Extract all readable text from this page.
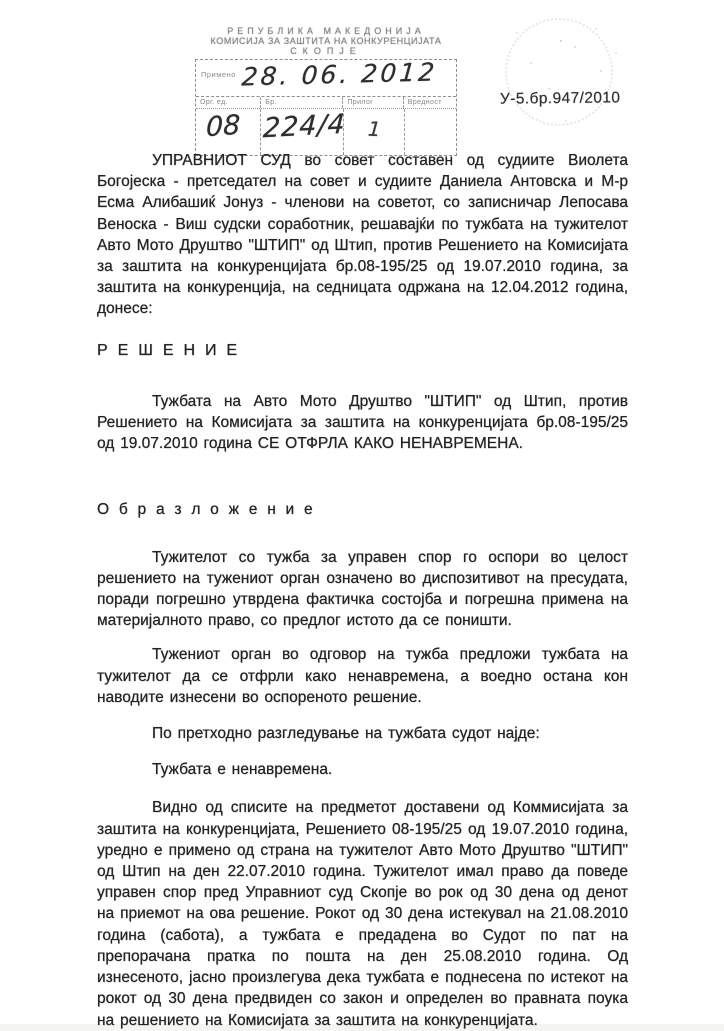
РЕПУБЛИКА МАКЕДОНИЈА
КОМИСИЈА ЗА ЗАШТИТА НА КОНКУРЕНЦИЈАТА
СКОПЈЕ
Примено 28. 06. 2012
Орг. ед.	Бр.	Прилог	Вредност
08 224/4 1
У-5.бр.947/2010

УПРАВНИОТ СУД во совет составен од судиите Виолета Богојеска - претседател на совет и судиите Даниела Антовска и М-р Есма Алибашиќ Јонуз - членови на советот, со записничар Лепосава Веноска - Виш судски соработник, решавајќи по тужбата на тужителот Авто Мото Друштво "ШТИП" од Штип, против Решението на Комисијата за заштита на конкуренцијата бр.08-195/25 од 19.07.2010 година, за заштита на конкуренција, на седницата одржана на 12.04.2012 година, донесе:

Р Е Ш Е Н И Е

Тужбата на Авто Мото Друштво "ШТИП" од Штип, против Решението на Комисијата за заштита на конкуренцијата бр.08-195/25 од 19.07.2010 година СЕ ОТФРЛА КАКО НЕНАВРЕМЕНА.

О б р а з л о ж е н и е

Тужителот со тужба за управен спор го оспори во целост решението на тужениот орган означено во диспозитивот на пресудата, поради погрешно утврдена фактичка состојба и погрешна примена на материјалното право, со предлог истото да се поништи.

Тужениот орган во одговор на тужба предложи тужбата на тужителот да се отфрли како ненавремена, а воедно остана кон наводите изнесени во оспореното решение.

По претходно разгледување на тужбата судот најде:

Тужбата е ненавремена.

Видно од списите на предметот доставени од Коммисијата за заштита на конкуренцијата, Решението 08-195/25 од 19.07.2010 година, уредно е примено од страна на тужителот Авто Мото Друштво "ШТИП" од Штип на ден 22.07.2010 година. Тужителот имал право да поведе управен спор пред Управниот суд Скопје во рок од 30 дена од денот на приемот на ова решение. Рокот од 30 дена истекувал на 21.08.2010 година (сабота), а тужбата е предадена во Судот по пат на препорачана пратка по пошта на ден 25.08.2010 година. Од изнесеното, јасно произлегува дека тужбата е поднесена по истекот на рокот од 30 дена предвиден со закон и определен во правната поука на решението на Комисијата за заштита на конкуренцијата.
